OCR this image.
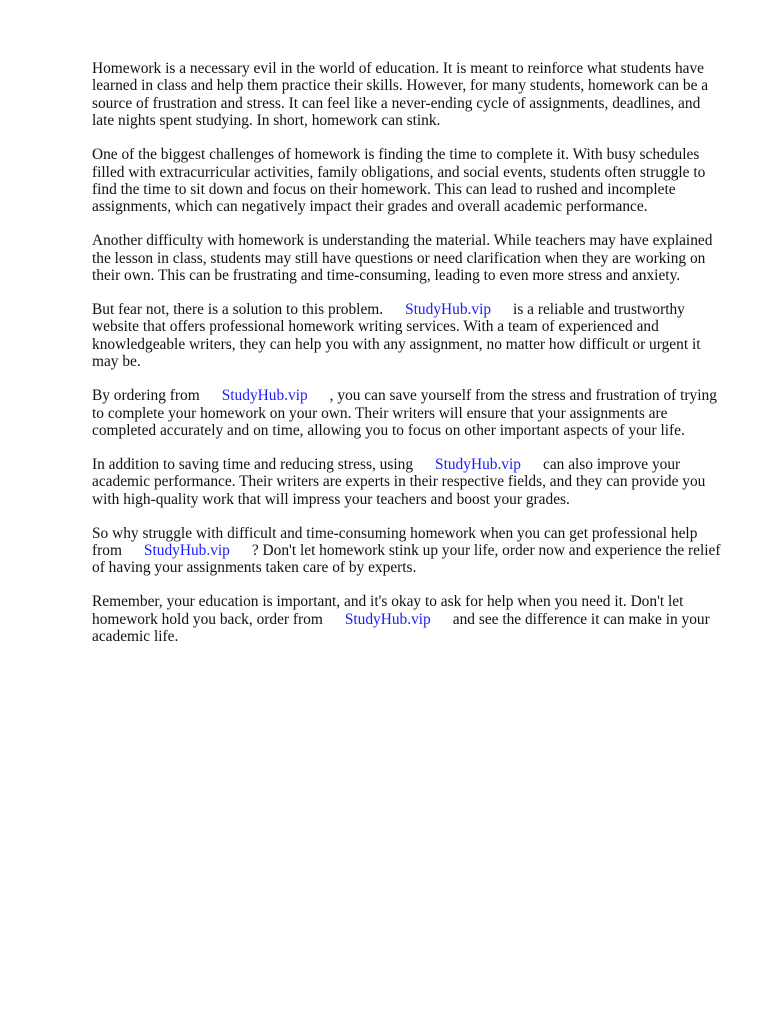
Homework is a necessary evil in the world of education. It is meant to reinforce what students have learned in class and help them practice their skills. However, for many students, homework can be a source of frustration and stress. It can feel like a never-ending cycle of assignments, deadlines, and late nights spent studying. In short, homework can stink.

One of the biggest challenges of homework is finding the time to complete it. With busy schedules filled with extracurricular activities, family obligations, and social events, students often struggle to find the time to sit down and focus on their homework. This can lead to rushed and incomplete assignments, which can negatively impact their grades and overall academic performance.

Another difficulty with homework is understanding the material. While teachers may have explained the lesson in class, students may still have questions or need clarification when they are working on their own. This can be frustrating and time-consuming, leading to even more stress and anxiety.

But fear not, there is a solution to this problem. StudyHub.vip is a reliable and trustworthy website that offers professional homework writing services. With a team of experienced and knowledgeable writers, they can help you with any assignment, no matter how difficult or urgent it may be.

By ordering from StudyHub.vip , you can save yourself from the stress and frustration of trying to complete your homework on your own. Their writers will ensure that your assignments are completed accurately and on time, allowing you to focus on other important aspects of your life.

In addition to saving time and reducing stress, using StudyHub.vip can also improve your academic performance. Their writers are experts in their respective fields, and they can provide you with high-quality work that will impress your teachers and boost your grades.

So why struggle with difficult and time-consuming homework when you can get professional help from StudyHub.vip ? Don't let homework stink up your life, order now and experience the relief of having your assignments taken care of by experts.

Remember, your education is important, and it's okay to ask for help when you need it. Don't let homework hold you back, order from StudyHub.vip and see the difference it can make in your academic life.
